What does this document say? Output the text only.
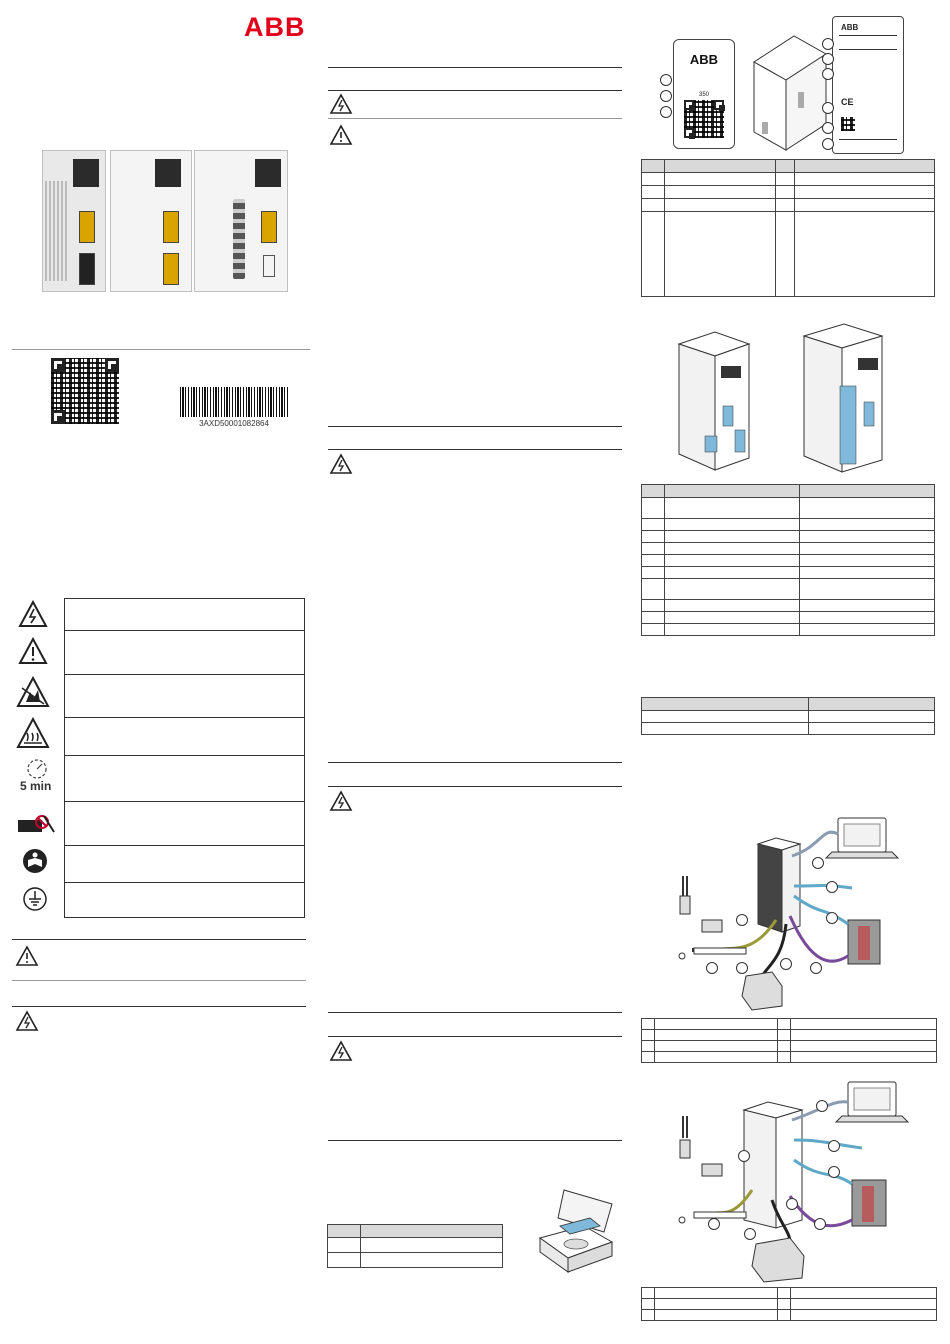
ABB
3AXD50001082864
5 min

ABB
350
ABB
CE
